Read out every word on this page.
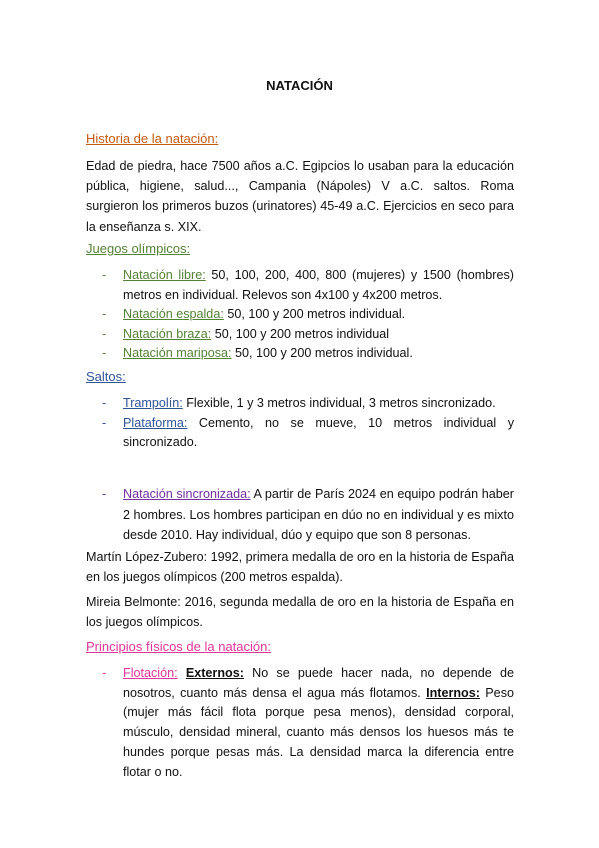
NATACIÓN
Historia de la natación:
Edad de piedra, hace 7500 años a.C. Egipcios lo usaban para la educación pública, higiene, salud..., Campania (Nápoles) V a.C. saltos. Roma surgieron los primeros buzos (urinatores) 45-49 a.C. Ejercicios en seco para la enseñanza s. XIX.
Juegos olímpicos:
- Natación libre: 50, 100, 200, 400, 800 (mujeres) y 1500 (hombres) metros en individual. Relevos son 4x100 y 4x200 metros.
- Natación espalda: 50, 100 y 200 metros individual.
- Natación braza: 50, 100 y 200 metros individual
- Natación mariposa: 50, 100 y 200 metros individual.
Saltos:
- Trampolín: Flexible, 1 y 3 metros individual, 3 metros sincronizado.
- Plataforma: Cemento, no se mueve, 10 metros individual y sincronizado.
- Natación sincronizada: A partir de París 2024 en equipo podrán haber 2 hombres. Los hombres participan en dúo no en individual y es mixto desde 2010. Hay individual, dúo y equipo que son 8 personas.
Martín López-Zubero: 1992, primera medalla de oro en la historia de España en los juegos olímpicos (200 metros espalda).
Mireia Belmonte: 2016, segunda medalla de oro en la historia de España en los juegos olímpicos.
Principios físicos de la natación:
- Flotación: Externos: No se puede hacer nada, no depende de nosotros, cuanto más densa el agua más flotamos. Internos: Peso (mujer más fácil flota porque pesa menos), densidad corporal, músculo, densidad mineral, cuanto más densos los huesos más te hundes porque pesas más. La densidad marca la diferencia entre flotar o no.
